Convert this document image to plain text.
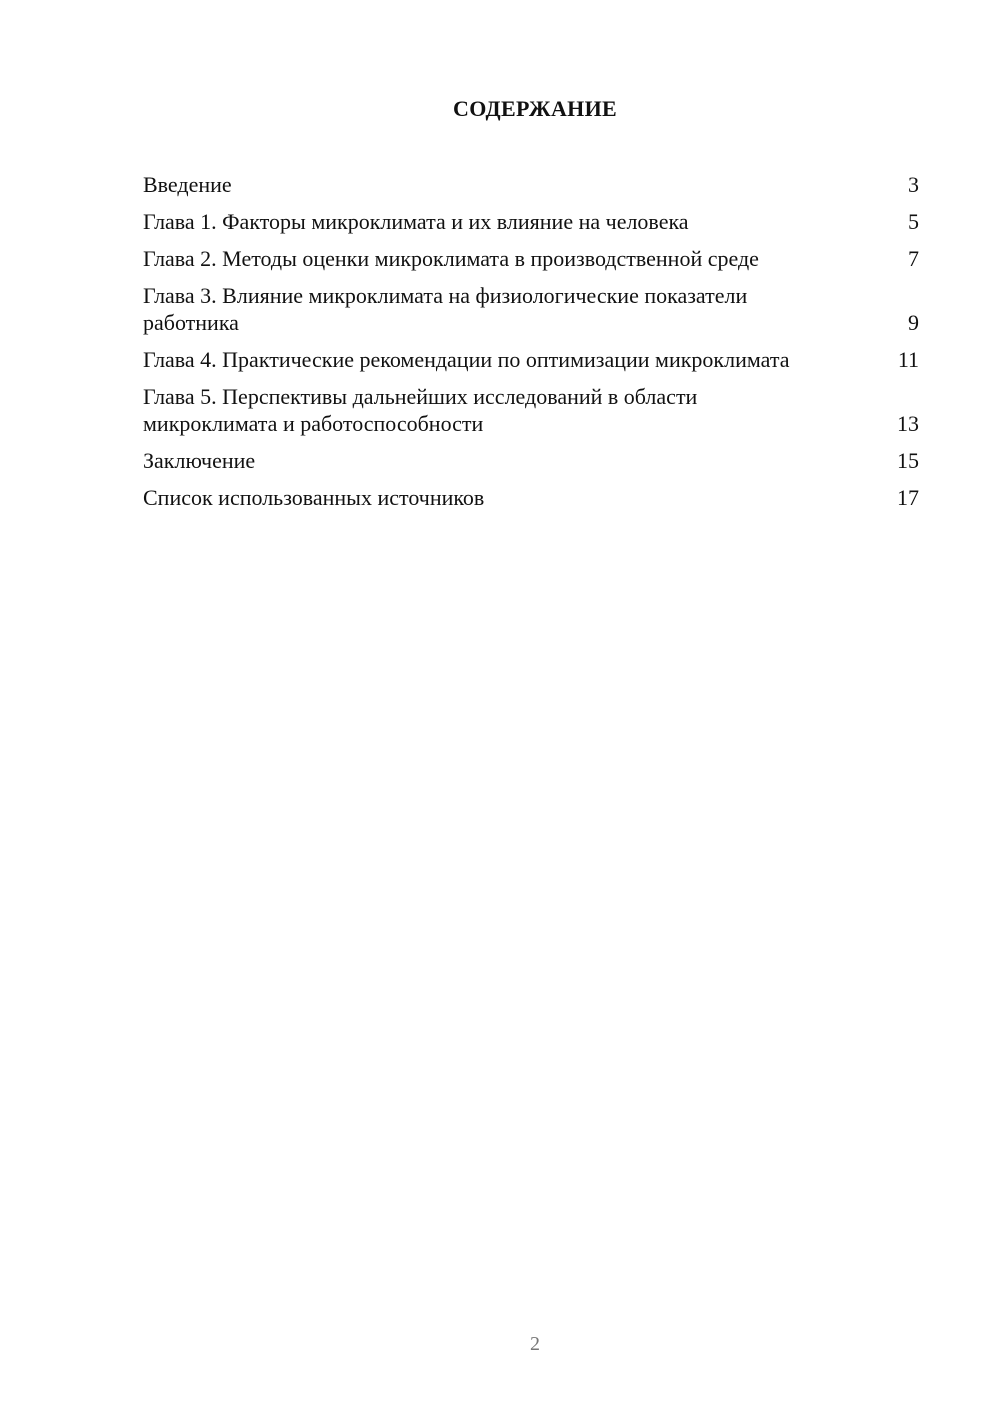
СОДЕРЖАНИЕ
Введение	3
Глава 1. Факторы микроклимата и их влияние на человека	5
Глава 2. Методы оценки микроклимата в производственной среде	7
Глава 3. Влияние микроклимата на физиологические показатели работника	9
Глава 4. Практические рекомендации по оптимизации микроклимата	11
Глава 5. Перспективы дальнейших исследований в области микроклимата и работоспособности	13
Заключение	15
Список использованных источников	17
2
